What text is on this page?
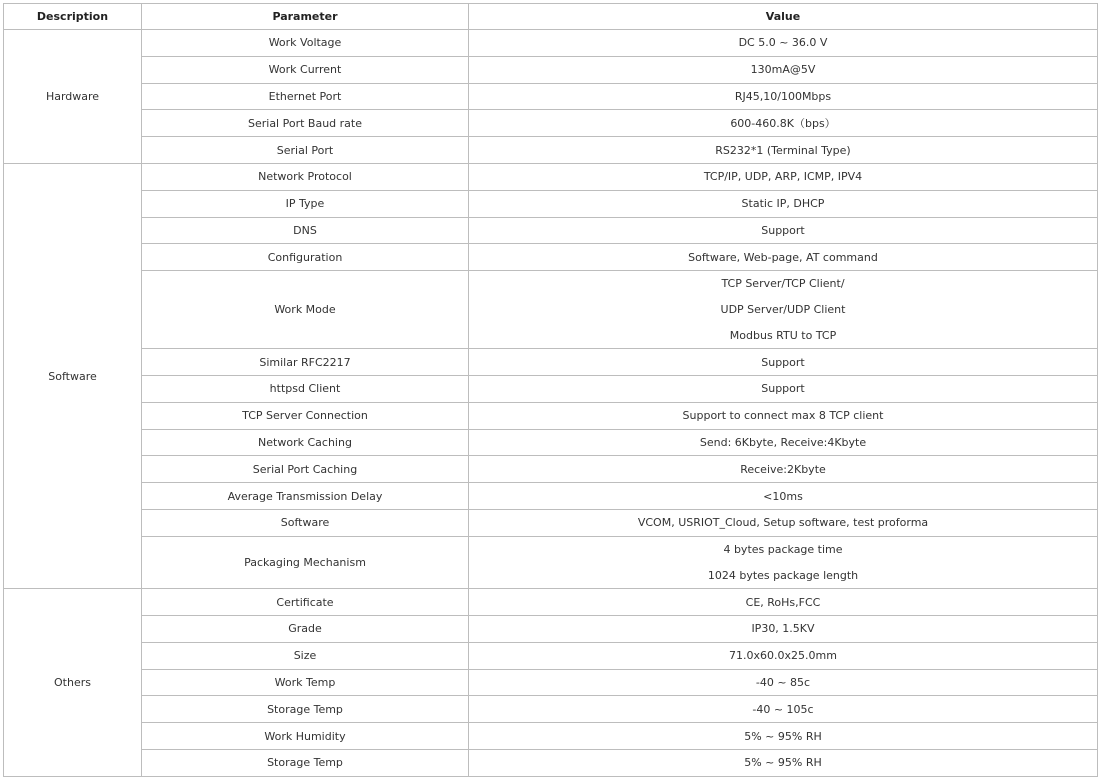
Description	Parameter	Value
Hardware	Work Voltage	DC 5.0 ~ 36.0 V
	Work Current	130mA@5V
	Ethernet Port	RJ45,10/100Mbps
	Serial Port Baud rate	600-460.8K（bps）
	Serial Port	RS232*1 (Terminal Type)
Software	Network Protocol	TCP/IP, UDP, ARP, ICMP, IPV4
	IP Type	Static IP, DHCP
	DNS	Support
	Configuration	Software, Web-page, AT command
	Work Mode	TCP Server/TCP Client/
UDP Server/UDP Client
Modbus RTU to TCP

	Similar RFC2217	Support
	httpsd Client	Support
	TCP Server Connection	Support to connect max 8 TCP client
	Network Caching	Send: 6Kbyte, Receive:4Kbyte
	Serial Port Caching	Receive:2Kbyte
	Average Transmission Delay	<10ms
	Software	VCOM, USRIOT_Cloud, Setup software, test proforma
	Packaging Mechanism	4 bytes package time
1024 bytes package length

Others	Certificate	CE, RoHs,FCC
	Grade	IP30, 1.5KV
	Size	71.0x60.0x25.0mm
	Work Temp	-40 ~ 85c
	Storage Temp	-40 ~ 105c
	Work Humidity	5% ~ 95% RH
	Storage Temp	5% ~ 95% RH
